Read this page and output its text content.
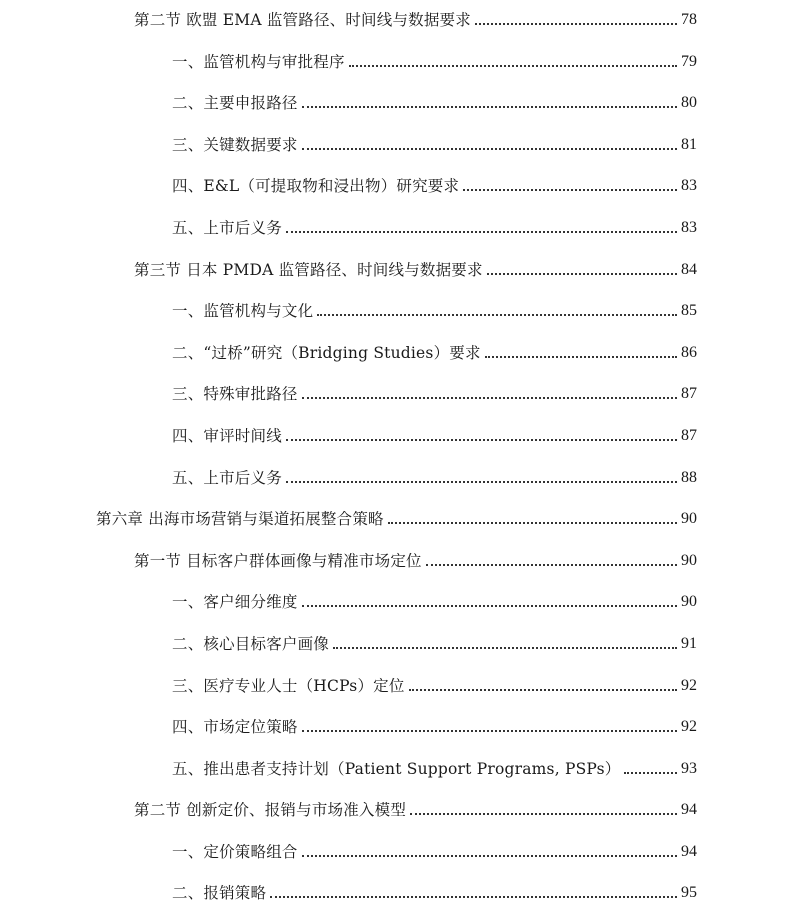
第二节 欧盟 EMA 监管路径、时间线与数据要求	78
一、监管机构与审批程序	79
二、主要申报路径	80
三、关键数据要求	81
四、E&L（可提取物和浸出物）研究要求	83
五、上市后义务	83
第三节 日本 PMDA 监管路径、时间线与数据要求	84
一、监管机构与文化	85
二、“过桥”研究（Bridging Studies）要求	86
三、特殊审批路径	87
四、审评时间线	87
五、上市后义务	88
第六章 出海市场营销与渠道拓展整合策略	90
第一节 目标客户群体画像与精准市场定位	90
一、客户细分维度	90
二、核心目标客户画像	91
三、医疗专业人士（HCPs）定位	92
四、市场定位策略	92
五、推出患者支持计划（Patient Support Programs, PSPs）	93
第二节 创新定价、报销与市场准入模型	94
一、定价策略组合	94
二、报销策略	95
